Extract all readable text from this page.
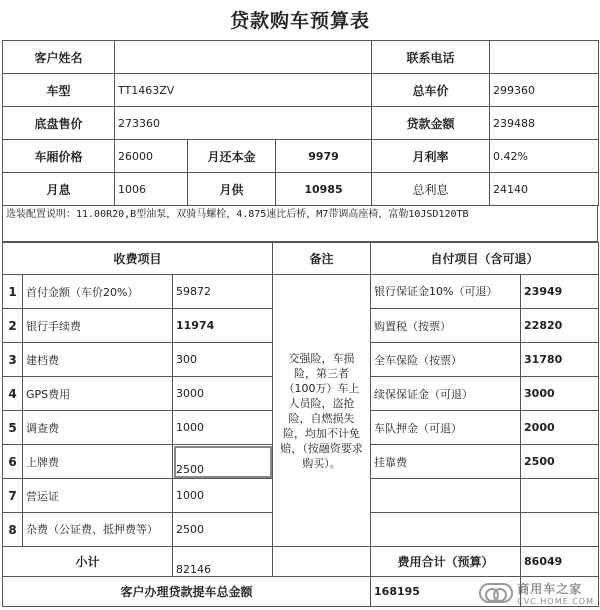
贷款购车预算表
客户姓名				联系电话	
车型	TT1463ZV			总车价	299360
底盘售价	273360			贷款金额	239488
车厢价格	26000	月还本金	9979	月利率	0.42%
月息	1006	月供	10985	总利息	24140
选装配置说明：11.00R20,B型油泵，双骑马螺栓，4.875速比后桥，M7带调高座椅，富勒10JSD120TB
收费项目			备注	自付项目（含可退）	
1	首付金额（车价20%）	59872	交强险，车损险，第三者（100万）车上人员险，盗抢险，自燃损失险，均加不计免赔，（按融资要求购买）。	银行保证金10%（可退）	23949
2	银行手续费	11974		购置税（按票）	22820
3	建档费	300		全车保险（按票）	31780
4	GPS费用	3000		续保保证金（可退）	3000
5	调查费	1000		车队押金（可退）	2000
6	上牌费	2500		挂靠费	2500
7	营运证	1000			
8	杂费（公证费、抵押费等）	2500			
小计		82146		费用合计（预算）	86049
客户办理贷款提车总金额				168195		商用车之家
CVC.HOME.COM
